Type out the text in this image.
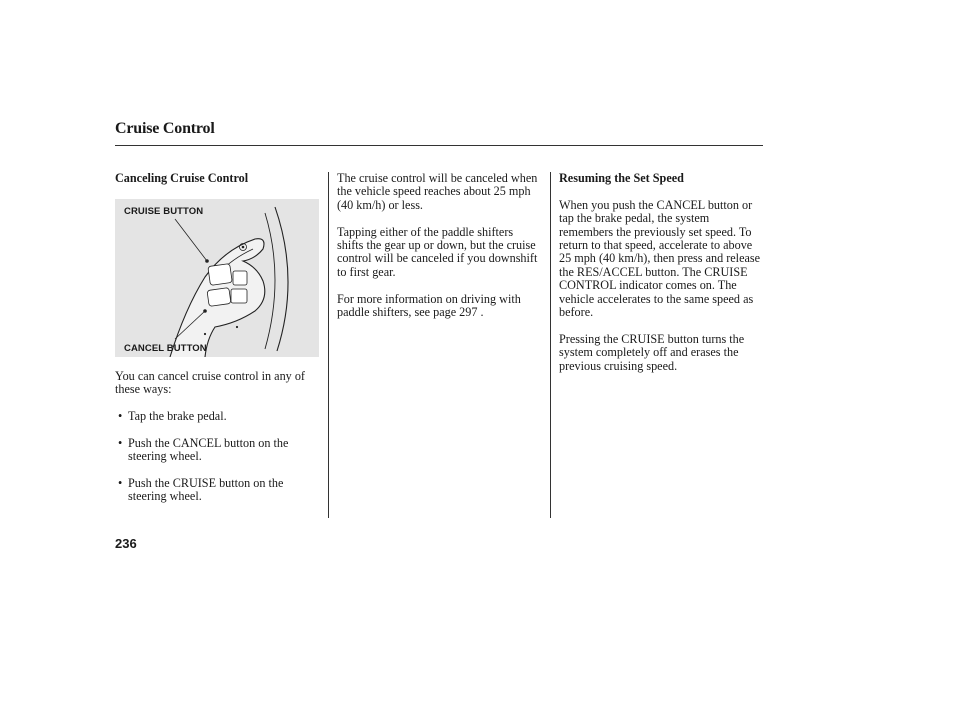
Cruise Control

Canceling Cruise Control

CRUISE BUTTON
CANCEL BUTTON

You can cancel cruise control in any of these ways:

• Tap the brake pedal.
• Push the CANCEL button on the steering wheel.
• Push the CRUISE button on the steering wheel.

The cruise control will be canceled when the vehicle speed reaches about 25 mph (40 km/h) or less.

Tapping either of the paddle shifters shifts the gear up or down, but the cruise control will be canceled if you downshift to first gear.

For more information on driving with paddle shifters, see page 297 .

Resuming the Set Speed

When you push the CANCEL button or tap the brake pedal, the system remembers the previously set speed. To return to that speed, accelerate to above 25 mph (40 km/h), then press and release the RES/ACCEL button. The CRUISE CONTROL indicator comes on. The vehicle accelerates to the same speed as before.

Pressing the CRUISE button turns the system completely off and erases the previous cruising speed.

236
